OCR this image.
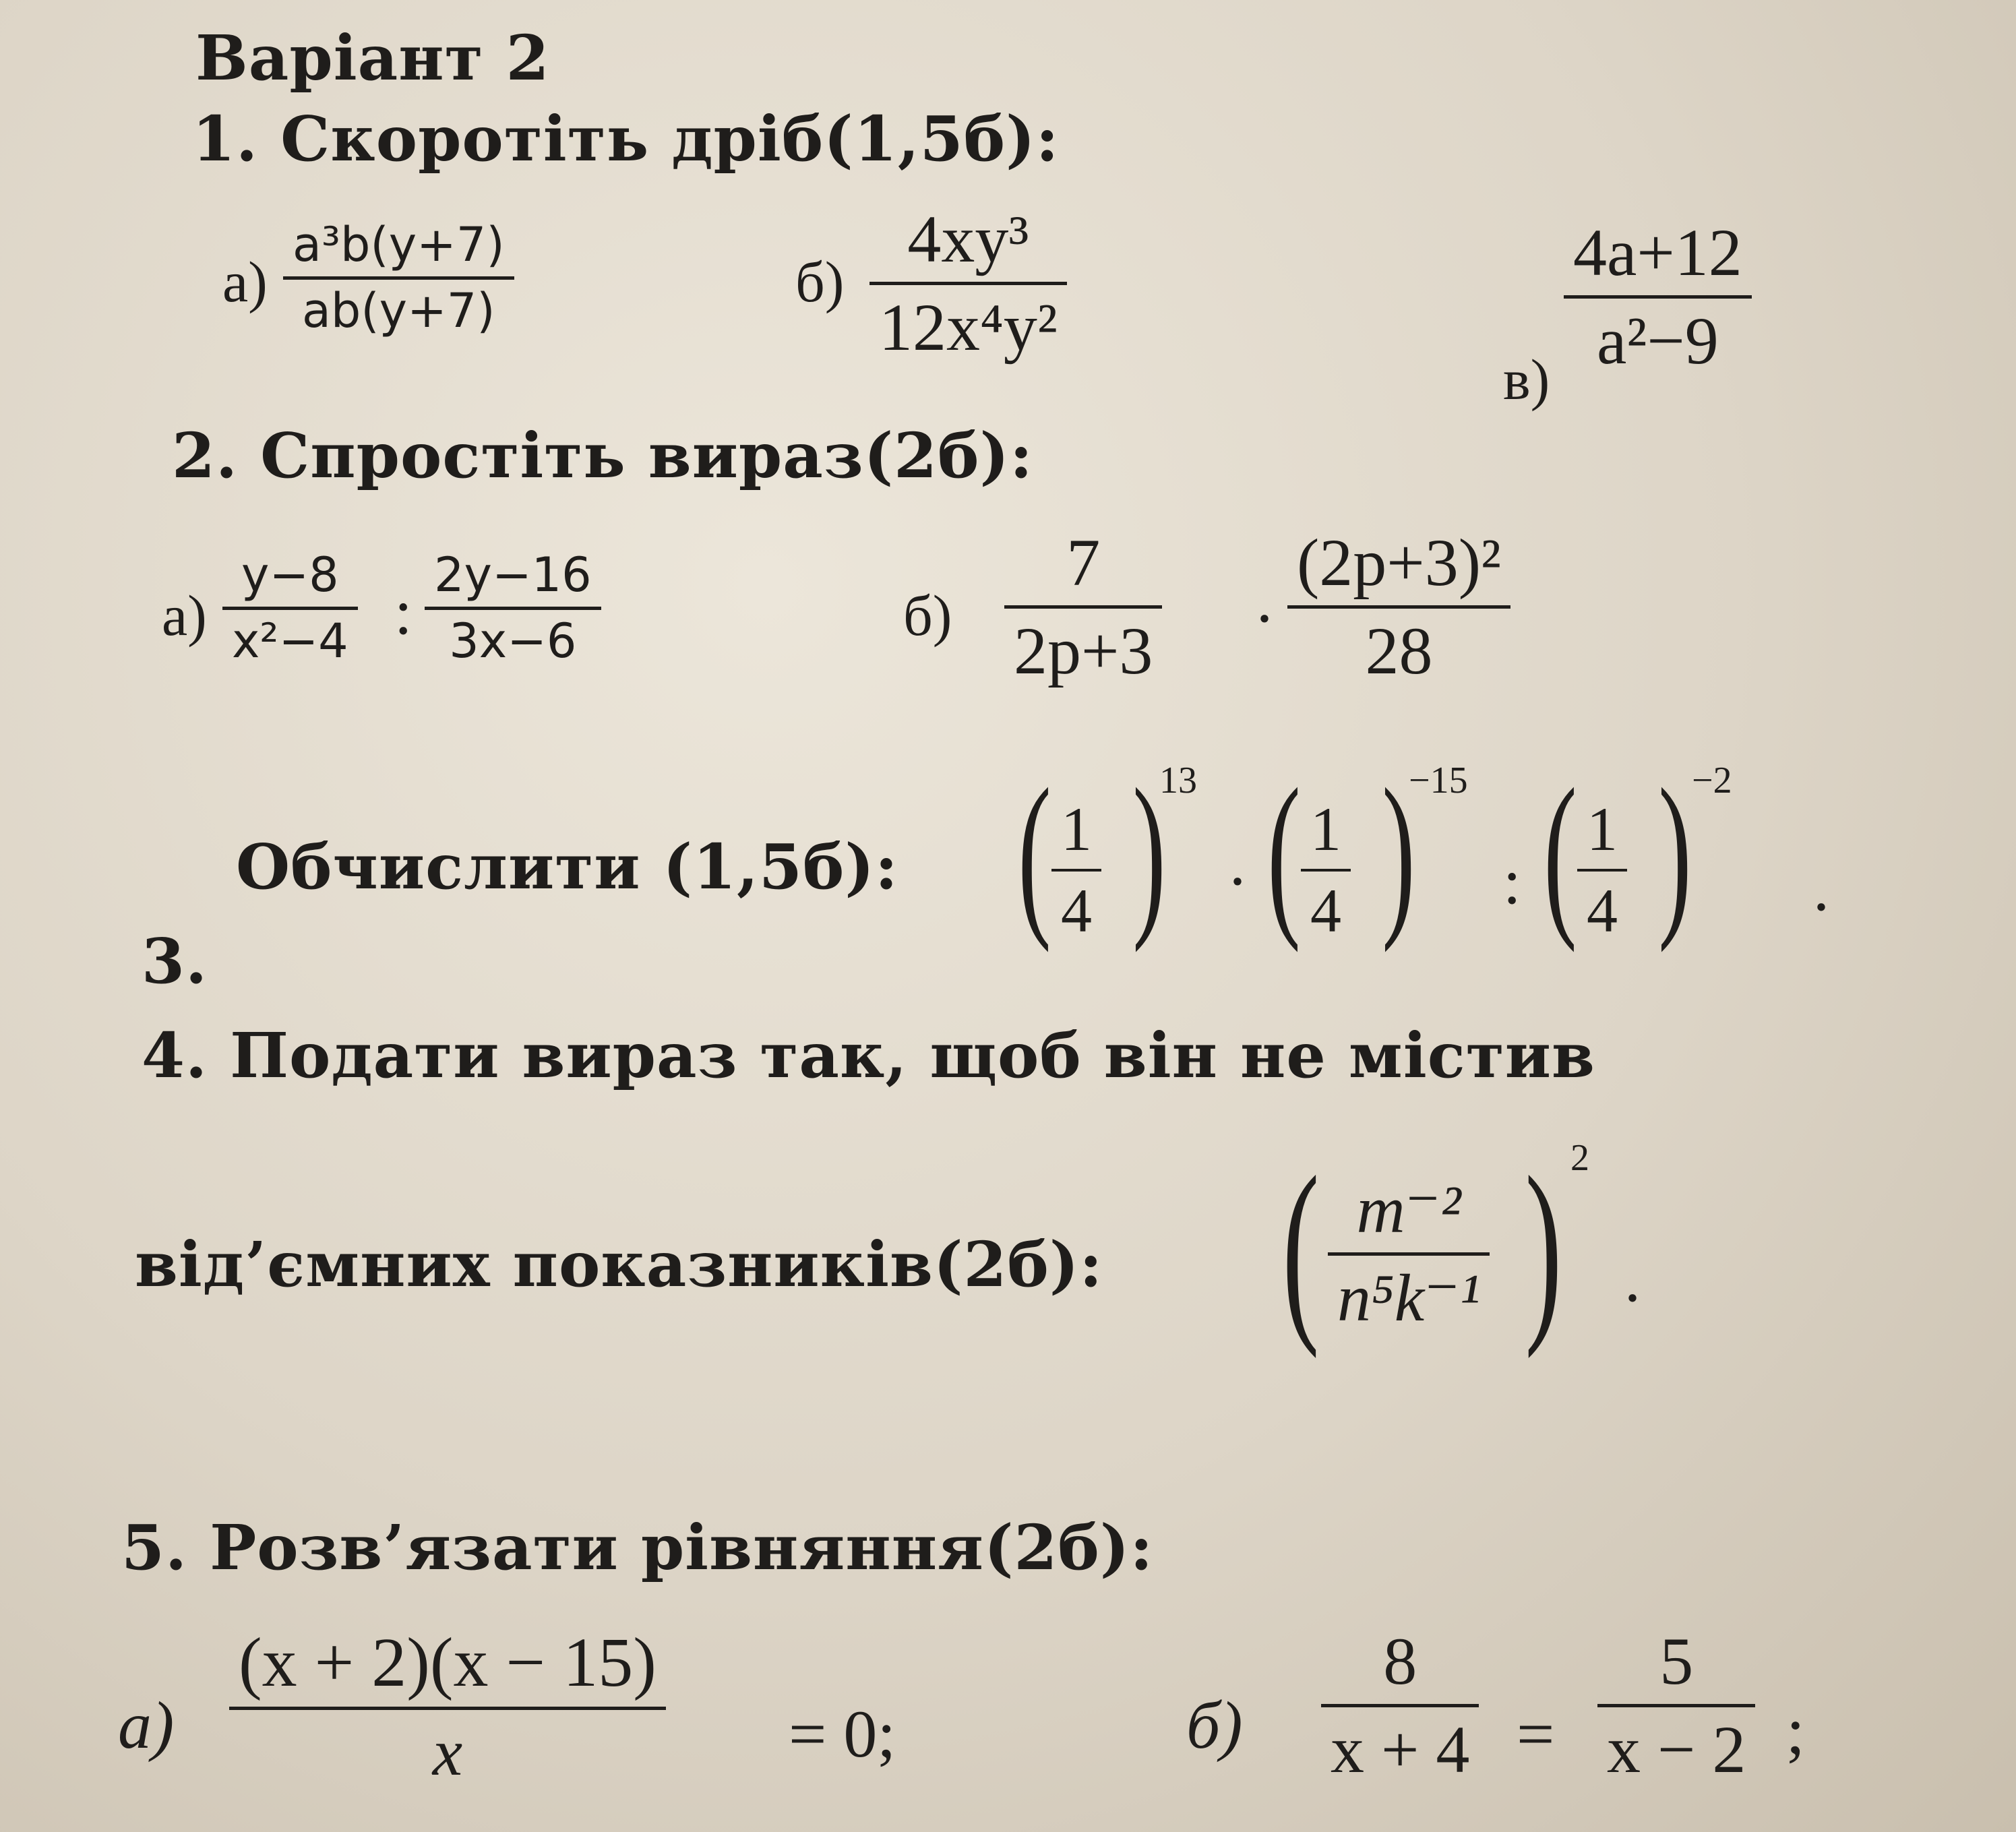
Варіант 2
1. Скоротіть дріб(1,5б):
а)
a³b(y+7)
ab(y+7)	б)
4xy³
12x⁴y²
в)
4a+12
a²−9
2. Спростіть вираз(2б):
а)
y−8
x²−4 :
2y−16
3x−6	б)
7
2p+3 ·
(2p+3)²
28
Обчислити (1,5б):
3.
( 1
4 )
13
· ( 1
4 )
−15
: ( 1
4 ) −2
.
4. Подати вираз так, щоб він не містив
від’ємних показників(2б): ( m⁻²
n⁵k⁻¹ ) 2
.
5. Розв’язати рівняння(2б):
а)
(x + 2)(x − 15)
x	= 0;	б)
8
x + 4 =
5
x − 2 ;
